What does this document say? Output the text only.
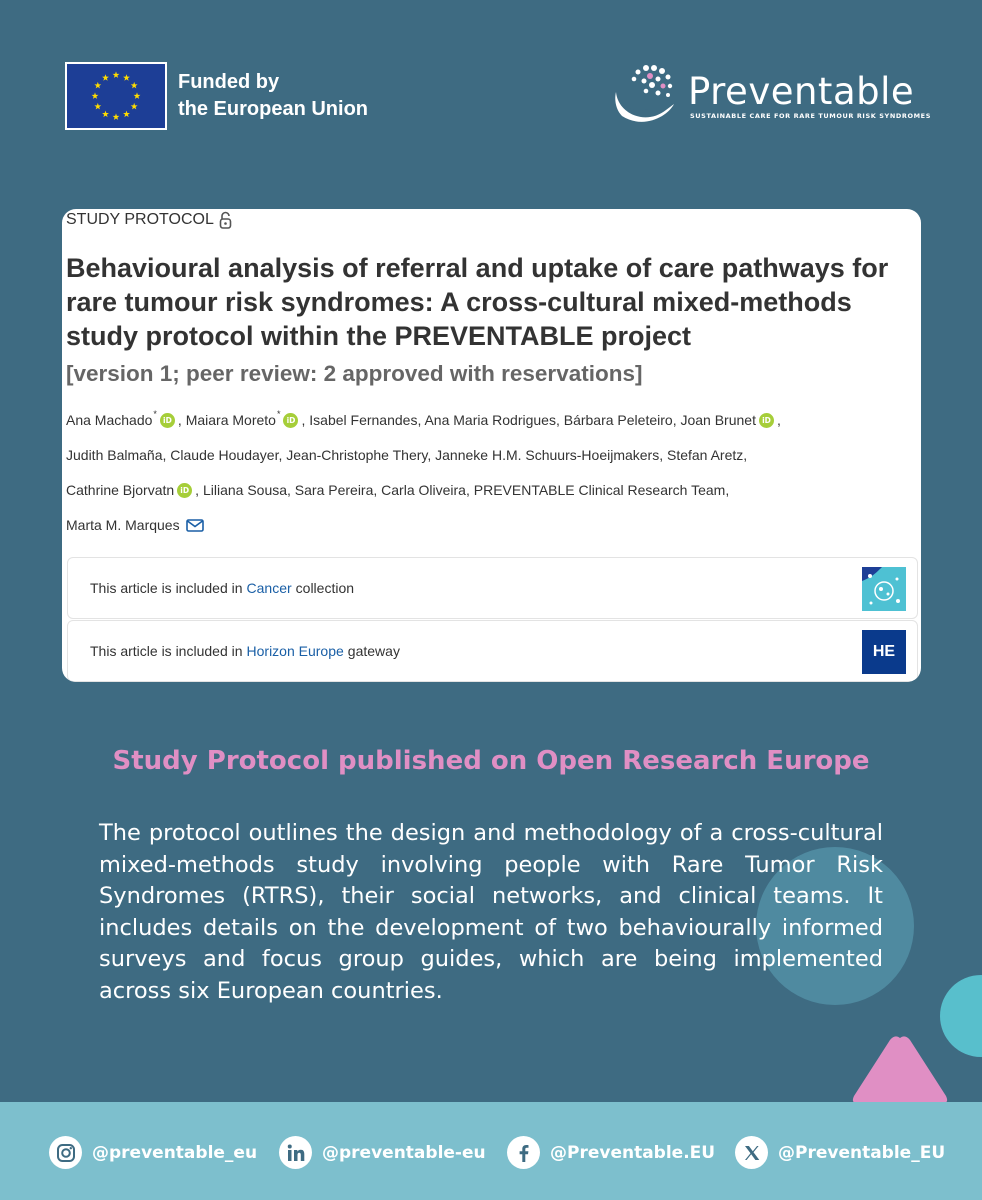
Funded by
the European Union	Preventable
SUSTAINABLE CARE FOR RARE TUMOUR RISK SYNDROMES
STUDY PROTOCOL
Behavioural analysis of referral and uptake of care pathways for rare tumour risk syndromes: A cross-cultural mixed-methods study protocol within the PREVENTABLE project
[version 1; peer review: 2 approved with reservations]
Ana Machado *
iD , Maiara Moreto *
iD , Isabel Fernandes, Ana Maria Rodrigues, Bárbara Peleteiro, Joan Brunet iD ,
Judith Balmaña, Claude Houdayer, Jean-Christophe Thery, Janneke H.M. Schuurs-Hoeijmakers, Stefan Aretz,
Cathrine Bjorvatn iD , Liliana Sousa, Sara Pereira, Carla Oliveira, PREVENTABLE Clinical Research Team,
Marta M. Marques
This article is included in Cancer collection
This article is included in Horizon Europe gateway	HE
Study Protocol published on Open Research Europe
The protocol outlines the design and methodology of a cross-cultural mixed-methods study involving people with Rare Tumor Risk Syndromes (RTRS), their social networks, and clinical teams. It includes details on the development of two behaviourally informed surveys and focus group guides, which are being implemented across six European countries.
@preventable_eu	@preventable-eu	@Preventable.EU	@Preventable_EU
